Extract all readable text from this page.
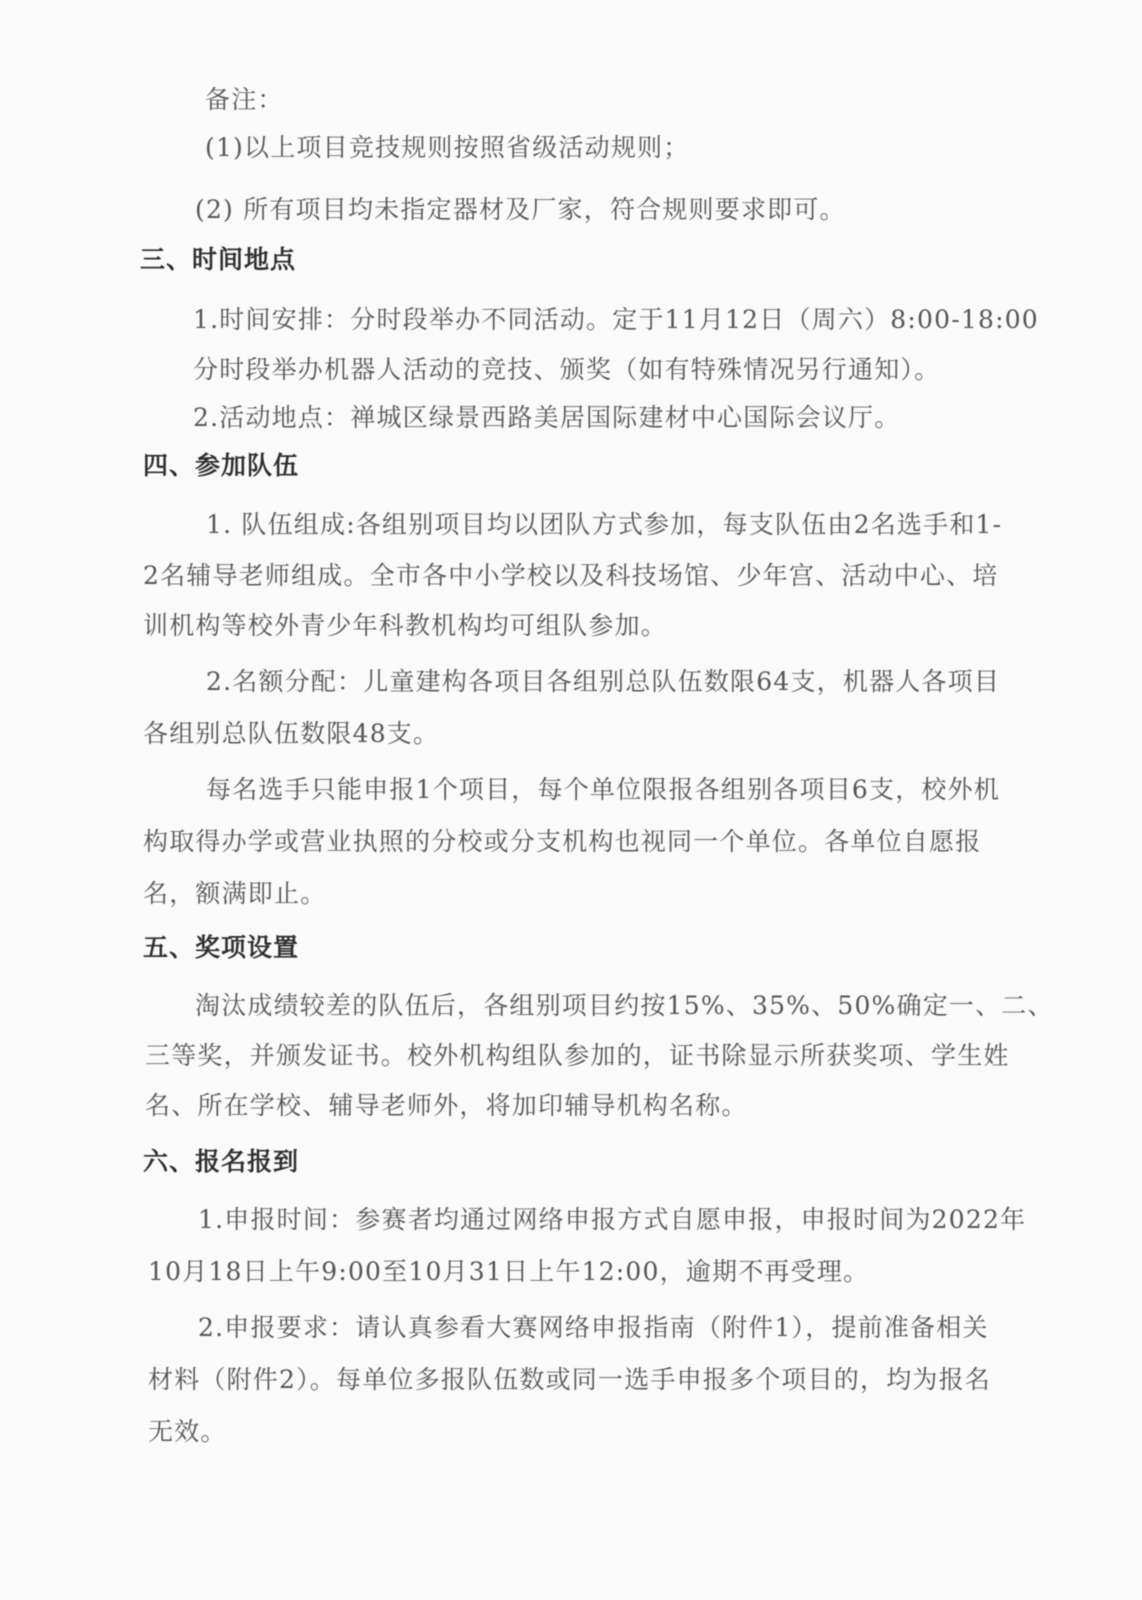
备注：
(1)以上项目竞技规则按照省级活动规则；
(2) 所有项目均未指定器材及厂家，符合规则要求即可。
三、时间地点
1.时间安排：分时段举办不同活动。定于11月12日（周六）8:00-18:00
分时段举办机器人活动的竞技、颁奖（如有特殊情况另行通知）。
2.活动地点：禅城区绿景西路美居国际建材中心国际会议厅。
四、参加队伍
1. 队伍组成:各组别项目均以团队方式参加，每支队伍由2名选手和1-
2名辅导老师组成。全市各中小学校以及科技场馆、少年宫、活动中心、培
训机构等校外青少年科教机构均可组队参加。
2.名额分配：儿童建构各项目各组别总队伍数限64支，机器人各项目
各组别总队伍数限48支。
每名选手只能申报1个项目，每个单位限报各组别各项目6支，校外机
构取得办学或营业执照的分校或分支机构也视同一个单位。各单位自愿报
名，额满即止。
五、奖项设置
淘汰成绩较差的队伍后，各组别项目约按15%、35%、50%确定一、二、
三等奖，并颁发证书。校外机构组队参加的，证书除显示所获奖项、学生姓
名、所在学校、辅导老师外，将加印辅导机构名称。
六、报名报到
1.申报时间：参赛者均通过网络申报方式自愿申报，申报时间为2022年
10月18日上午9:00至10月31日上午12:00，逾期不再受理。
2.申报要求：请认真参看大赛网络申报指南（附件1），提前准备相关
材料（附件2）。每单位多报队伍数或同一选手申报多个项目的，均为报名
无效。
